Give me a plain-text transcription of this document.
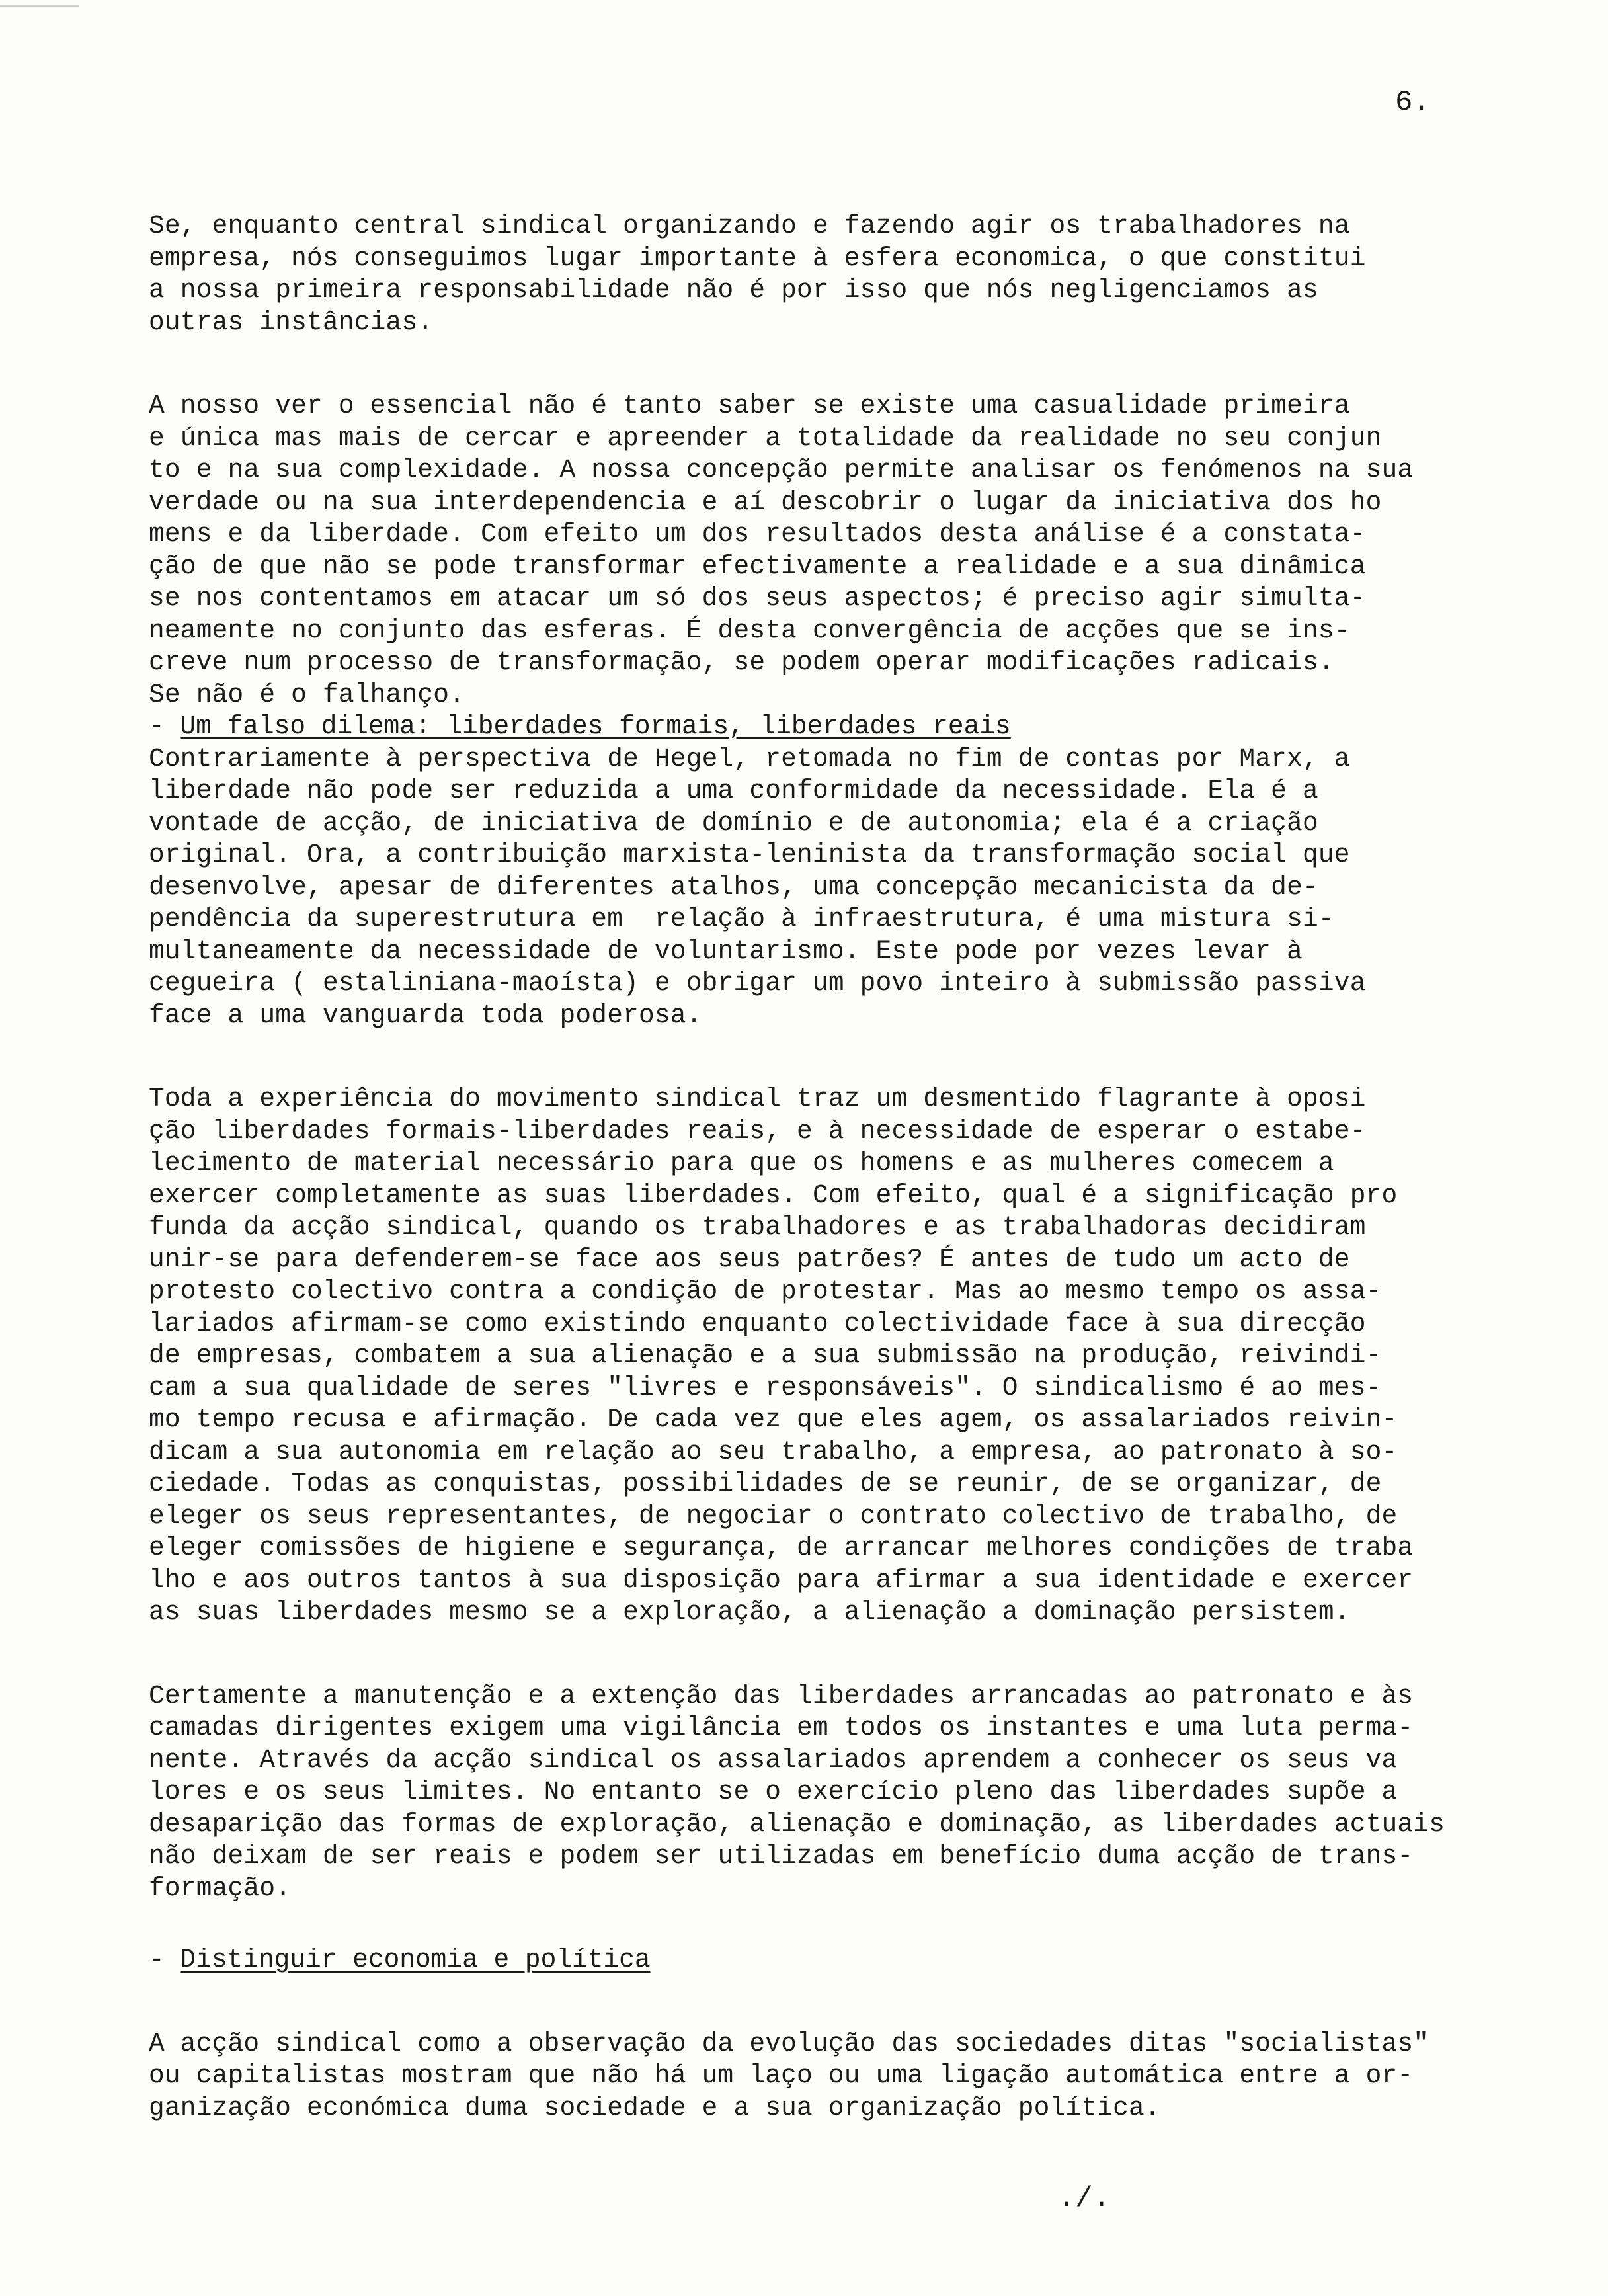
6.

Se, enquanto central sindical organizando e fazendo agir os trabalhadores na

empresa, nós conseguimos lugar importante à esfera economica, o que constitui

a nossa primeira responsabilidade não é por isso que nós negligenciamos as

outras instâncias.

A nosso ver o essencial não é tanto saber se existe uma casualidade primeira

e única mas mais de cercar e apreender a totalidade da realidade no seu conjun

to e na sua complexidade. A nossa concepção permite analisar os fenómenos na sua

verdade ou na sua interdependencia e aí descobrir o lugar da iniciativa dos ho

mens e da liberdade. Com efeito um dos resultados desta análise é a constata-

ção de que não se pode transformar efectivamente a realidade e a sua dinâmica

se nos contentamos em atacar um só dos seus aspectos; é preciso agir simulta-

neamente no conjunto das esferas. É desta convergência de acções que se ins-

creve num processo de transformação, se podem operar modificações radicais.

Se não é o falhanço.

- Um falso dilema: liberdades formais, liberdades reais

Contrariamente à perspectiva de Hegel, retomada no fim de contas por Marx, a

liberdade não pode ser reduzida a uma conformidade da necessidade. Ela é a

vontade de acção, de iniciativa de domínio e de autonomia; ela é a criação

original. Ora, a contribuição marxista-leninista da transformação social que

desenvolve, apesar de diferentes atalhos, uma concepção mecanicista da de-

pendência da superestrutura em  relação à infraestrutura, é uma mistura si-

multaneamente da necessidade de voluntarismo. Este pode por vezes levar à

cegueira ( estaliniana-maoísta) e obrigar um povo inteiro à submissão passiva

face a uma vanguarda toda poderosa.

Toda a experiência do movimento sindical traz um desmentido flagrante à oposi

ção liberdades formais-liberdades reais, e à necessidade de esperar o estabe-

lecimento de material necessário para que os homens e as mulheres comecem a

exercer completamente as suas liberdades. Com efeito, qual é a significação pro

funda da acção sindical, quando os trabalhadores e as trabalhadoras decidiram

unir-se para defenderem-se face aos seus patrões? É antes de tudo um acto de

protesto colectivo contra a condição de protestar. Mas ao mesmo tempo os assa-

lariados afirmam-se como existindo enquanto colectividade face à sua direcção

de empresas, combatem a sua alienação e a sua submissão na produção, reivindi-

cam a sua qualidade de seres "livres e responsáveis". O sindicalismo é ao mes-

mo tempo recusa e afirmação. De cada vez que eles agem, os assalariados reivin-

dicam a sua autonomia em relação ao seu trabalho, a empresa, ao patronato à so-

ciedade. Todas as conquistas, possibilidades de se reunir, de se organizar, de

eleger os seus representantes, de negociar o contrato colectivo de trabalho, de

eleger comissões de higiene e segurança, de arrancar melhores condições de traba

lho e aos outros tantos à sua disposição para afirmar a sua identidade e exercer

as suas liberdades mesmo se a exploração, a alienação a dominação persistem.

Certamente a manutenção e a extenção das liberdades arrancadas ao patronato e às

camadas dirigentes exigem uma vigilância em todos os instantes e uma luta perma-

nente. Através da acção sindical os assalariados aprendem a conhecer os seus va

lores e os seus limites. No entanto se o exercício pleno das liberdades supõe a

desaparição das formas de exploração, alienação e dominação, as liberdades actuais

não deixam de ser reais e podem ser utilizadas em benefício duma acção de trans-

formação.

- Distinguir economia e política

A acção sindical como a observação da evolução das sociedades ditas "socialistas"

ou capitalistas mostram que não há um laço ou uma ligação automática entre a or-

ganização económica duma sociedade e a sua organização política.

./.
